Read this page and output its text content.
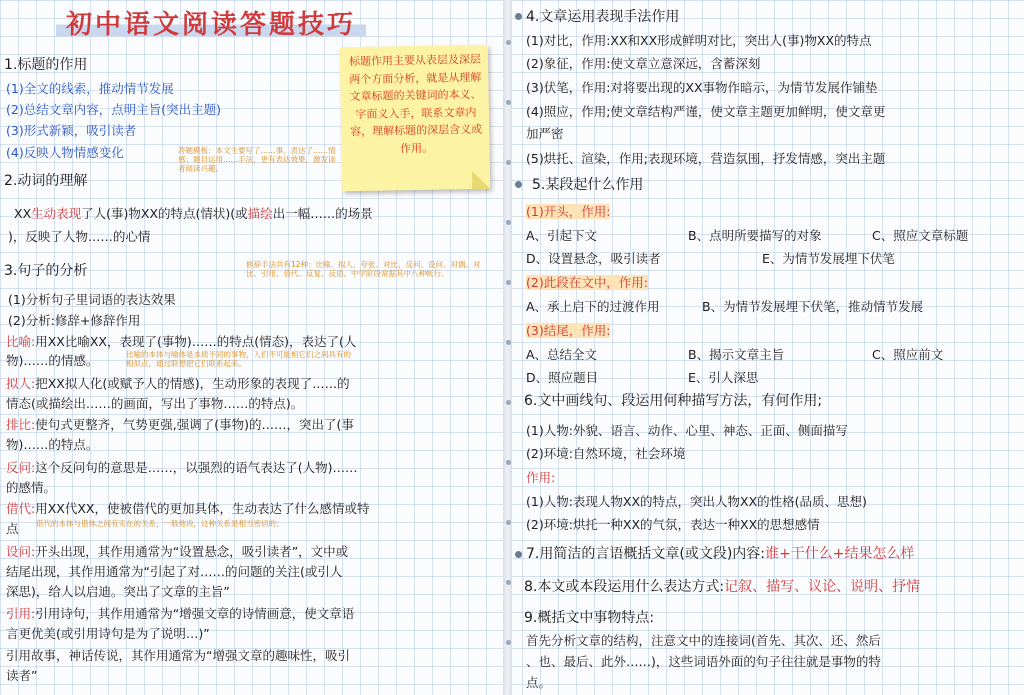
初中语文阅读答题技巧
1.标题的作用
(1)全文的线索，推动情节发展
(2)总结文章内容，点明主旨(突出主题)
(3)形式新颖，吸引读者
(4)反映人物情感变化	答题模板：本文主要写了……事，表达了……情感；题目运用……手法，更有表达效果，激发读者阅读兴趣。
2.动词的理解
XX生动表现了人(事)物XX的特点(情状)(或描绘出一幅……的场景
)，反映了人物……的心情
3.句子的分析	修辞手法共有12种：比喻、拟人、夸张、对比、反问、设问、对偶、对比、引用、借代、反复、反语。中学阶段常据其中八种帐行。
(1)分析句子里词语的表达效果
(2)分析:修辞+修辞作用
比喻:用XX比喻XX，表现了(事物)……的特点(情态)，表达了(人
物)……的情感。	比喻的本体与喻体是本质不同的事物，人们不可能相它们之间具有的相似点，通过联想把它们联系起来。
拟人:把XX拟人化(或赋予人的情感)，生动形象的表现了……的
情态(或描绘出……的画面，写出了事物……的特点)。
排比:使句式更整齐，气势更强,强调了(事物)的……，突出了(事
物)……的特点。
反问:这个反问句的意思是……，以强烈的语气表达了(人物)……
的感情。
借代:用XX代XX，使被借代的更加具体，生动表达了什么感情或特
点 借代的本体与借体之间有实在的关系，一般地说，这种关系是相当密切的；
设问:开头出现，其作用通常为“设置悬念，吸引读者”，文中或
结尾出现，其作用通常为“引起了对……的问题的关注(或引人
深思)，给人以启迪。突出了文章的主旨”
引用:引用诗句，其作用通常为“增强文章的诗情画意，使文章语
言更优美(或引用诗句是为了说明…)”
引用故事，神话传说，其作用通常为“增强文章的趣味性，吸引
读者”
标题作用主要从表层及深层两个方面分析，就是从理解文章标题的关键词的本义、字面义入手，联系文章内容，理解标题的深层含义或作用。
4.文章运用表现手法作用
(1)对比，作用:XX和XX形成鲜明对比，突出人(事)物XX的特点
(2)象征，作用:使文章立意深远，含蓄深刻
(3)伏笔，作用:对将要出现的XX事物作暗示，为情节发展作铺垫
(4)照应，作用;使文章结构严谨，使文章主题更加鲜明，使文章更
加严密
(5)烘托、渲染，作用;表现环境，营造氛围，抒发情感，突出主题
5.某段起什么作用
(1)开头，作用:
A、引起下文	B、点明所要描写的对象	C、照应文章标题
D、设置悬念，吸引读者	E、为情节发展埋下伏笔
(2)此段在文中，作用:
A、承上启下的过渡作用	B、为情节发展埋下伏笔，推动情节发展
(3)结尾，作用:
A、总结全文	B、揭示文章主旨	C、照应前文
D、照应题目	E、引人深思
6.文中画线句、段运用何种描写方法，有何作用;
(1)人物:外貌、语言、动作、心里、神态、正面、侧面描写
(2)环境:自然环境，社会环境
作用:
(1)人物:表现人物XX的特点，突出人物XX的性格(品质、思想)
(2)环境:烘托一种XX的气氛，表达一种XX的思想感情
7.用简洁的言语概括文章(或文段)内容:谁+干什么+结果怎么样
8.本文或本段运用什么表达方式:记叙、描写、议论、说明、抒情
9.概括文中事物特点:
首先分析文章的结构，注意文中的连接词(首先、其次、还、然后
、也、最后、此外……)，这些词语外面的句子往往就是事物的特
点。
